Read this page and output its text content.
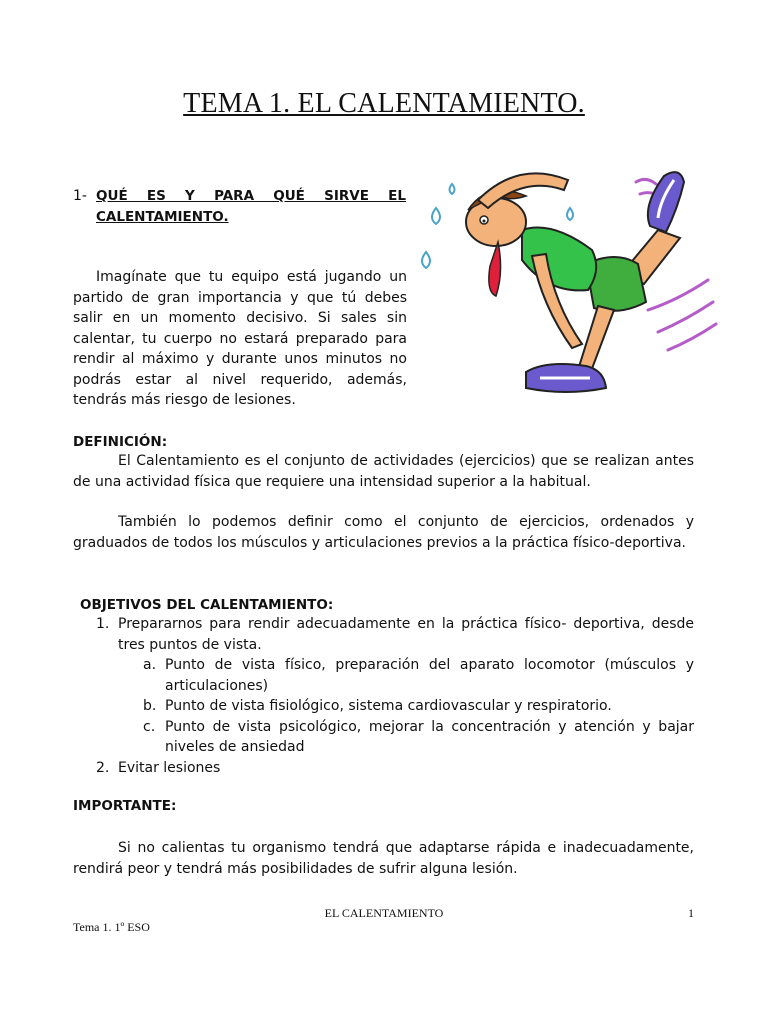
TEMA 1. EL CALENTAMIENTO.
1- QUÉ ES Y PARA QUÉ SIRVE EL CALENTAMIENTO.
Imagínate que tu equipo está jugando un partido de gran importancia y que tú debes salir en un momento decisivo. Si sales sin calentar, tu cuerpo no estará preparado para rendir al máximo y durante unos minutos no podrás estar al nivel requerido, además, tendrás más riesgo de lesiones.
DEFINICIÓN:
El Calentamiento es el conjunto de actividades (ejercicios) que se realizan antes de una actividad física que requiere una intensidad superior a la habitual.
También lo podemos definir como el conjunto de ejercicios, ordenados y graduados de todos los músculos y articulaciones previos a la práctica físico-deportiva.
OBJETIVOS DEL CALENTAMIENTO:
1. Prepararnos para rendir adecuadamente en la práctica físico- deportiva, desde tres puntos de vista.
a. Punto de vista físico, preparación del aparato locomotor (músculos y articulaciones)
b. Punto de vista fisiológico, sistema cardiovascular y respiratorio.
c. Punto de vista psicológico, mejorar la concentración y atención y bajar niveles de ansiedad
2. Evitar lesiones
IMPORTANTE:
Si no calientas tu organismo tendrá que adaptarse rápida e inadecuadamente, rendirá peor y tendrá más posibilidades de sufrir alguna lesión.
EL CALENTAMIENTO	1
Tema 1. 1º ESO
